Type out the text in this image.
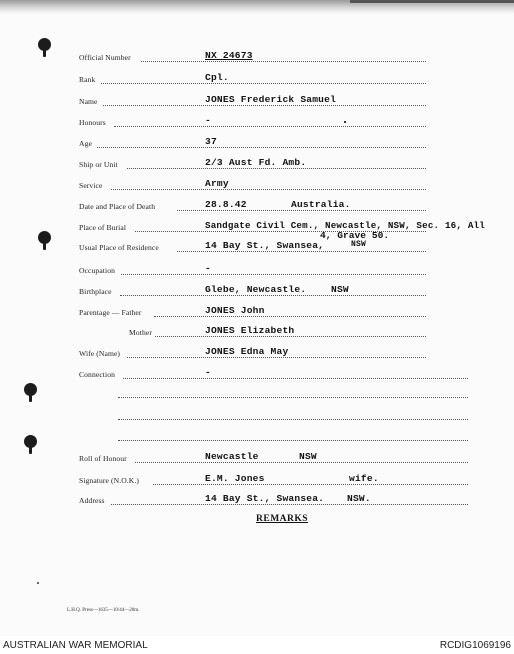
Official Number	NX 24673
Rank	Cpl.
Name	JONES Frederick Samuel
Honours	-
Age	37
Ship or Unit	2/3 Aust Fd. Amb.
Service	Army
Date and Place of Death	28.8.42	Australia.
Place of Burial	Sandgate Civil Cem., Newcastle, NSW, Sec. 16, All
4, Grave 50.
Usual Place of Residence	14 Bay St., Swansea,	NSW
Occupation	-
Birthplace	Glebe, Newcastle.	NSW
Parentage — Father	JONES John
Mother	JONES Elizabeth
Wife (Name)	JONES Edna May
Connection	-
Roll of Honour	Newcastle	NSW
Signature (N.O.K.)	E.M. Jones	wife.
Address	14 Bay St., Swansea. NSW.
REMARKS
L.H.Q. Press—1635—10/44—20m.
AUSTRALIAN WAR MEMORIAL	RCDIG1069196
